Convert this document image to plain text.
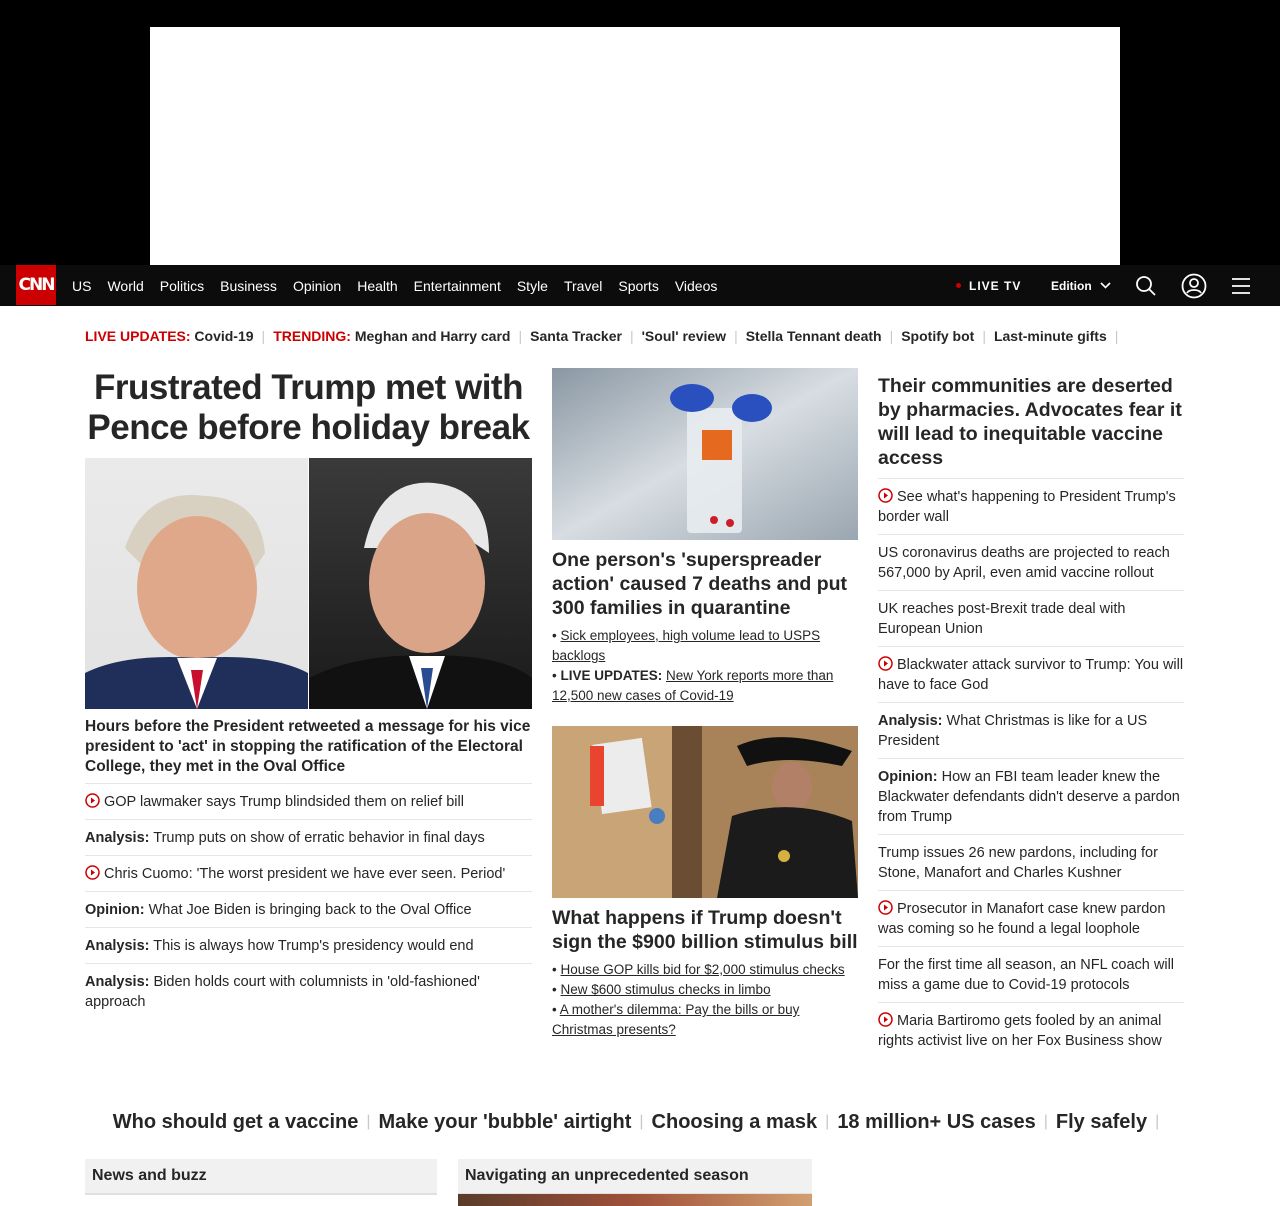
CNN	US	World	Politics	Business	Opinion	Health	Entertainment	Style	Travel	Sports	Videos	LIVE TV Edition
LIVE UPDATES:
Covid-19 | TRENDING:
Meghan and Harry card | Santa Tracker | 'Soul' review | Stella Tennant death | Spotify bot | Last-minute gifts |
Frustrated Trump met with Pence before holiday break
Hours before the President retweeted a message for his vice president to 'act' in stopping the ratification of the Electoral College, they met in the Oval Office
GOP lawmaker says Trump blindsided them on relief bill
Analysis: Trump puts on show of erratic behavior in final days
Chris Cuomo: 'The worst president we have ever seen. Period'
Opinion: What Joe Biden is bringing back to the Oval Office
Analysis: This is always how Trump's presidency would end
Analysis: Biden holds court with columnists in 'old-fashioned' approach
One person's 'superspreader action' caused 7 deaths and put 300 families in quarantine
• Sick employees, high volume lead to USPS backlogs
• LIVE UPDATES: New York reports more than 12,500 new cases of Covid-19
What happens if Trump doesn't sign the $900 billion stimulus bill
• House GOP kills bid for $2,000 stimulus checks
• New $600 stimulus checks in limbo
• A mother's dilemma: Pay the bills or buy Christmas presents?
Their communities are deserted by pharmacies. Advocates fear it will lead to inequitable vaccine access
See what's happening to President Trump's border wall
US coronavirus deaths are projected to reach 567,000 by April, even amid vaccine rollout
UK reaches post-Brexit trade deal with European Union
Blackwater attack survivor to Trump: You will have to face God
Analysis: What Christmas is like for a US President
Opinion: How an FBI team leader knew the Blackwater defendants didn't deserve a pardon from Trump
Trump issues 26 new pardons, including for Stone, Manafort and Charles Kushner
Prosecutor in Manafort case knew pardon was coming so he found a legal loophole
For the first time all season, an NFL coach will miss a game due to Covid-19 protocols
Maria Bartiromo gets fooled by an animal rights activist live on her Fox Business show
Who should get a vaccine | Make your 'bubble' airtight | Choosing a mask | 18 million+ US cases | Fly safely |
News and buzz	Navigating an unprecedented season
